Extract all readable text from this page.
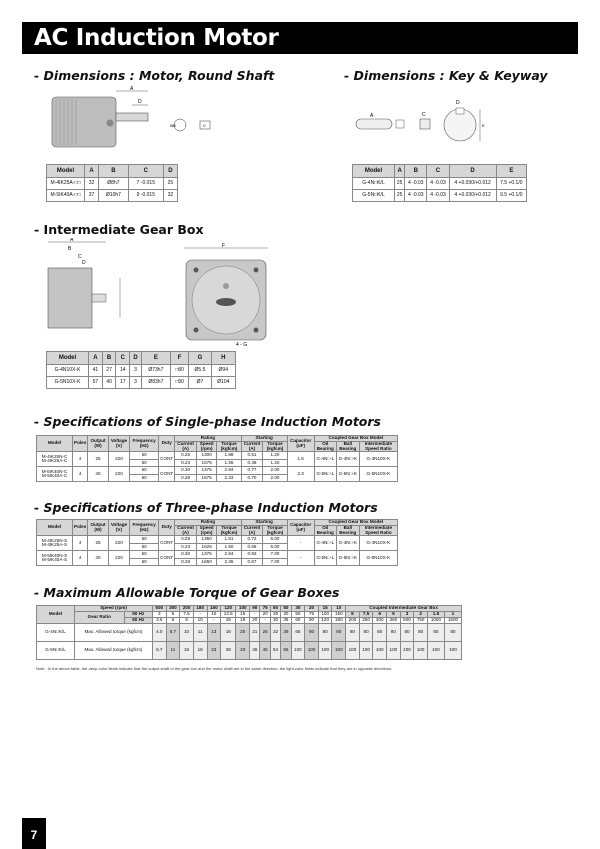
AC Induction Motor
- Dimensions : Motor, Round Shaft	- Dimensions : Key & Keyway
A
D
ØB	C
A	C
D
E
Model	A	B	C	D
M-4IK25A-□□	32	Ø8h7	7 -0.015	25
M-5IK40A-□□	37	Ø10h7	9 -0.015	32
Model	A	B	C	D	E
G-4N□K/L	25	4 -0.03	4 -0.03	4 +0.030/+0.012	7.5 +0.1/0
G-5N□K/L	25	4 -0.03	4 -0.03	4 +0.030/+0.012	9.5 +0.1/0
- Intermediate Gear Box
A
B
C
D
F
4 - G
Model	A	B	C	D	E	F	G	H
G-4N10X-K	41	27	14	3	Ø73h7	□80	Ø5.5	Ø94
G-5N10X-K	57	40	17	3	Ø83h7	□90	Ø7	Ø104
- Specifications of Single-phase Induction Motors
Model	Poles	Output (W)	Voltage (V)	Frequency (Hz)	Duty	Rating			Starting		Capacitor (uF)	Coupled Gear Box Model		
						Current (A)	Speed (rpm)	Torque (kgfcm)	Current (A)	Torque (kgfcm)		Oil Bearing	Ball Bearing	Intermediate Speed Ratio
M-4IK25N-C
M-4IK25A-C	4	25	220	50	CONT	0.25	1300	1.88	0.51	1.20	1.5	G-4N□-L	G-4N□-K	G-4N10X-K
				60		0.23	1575	1.55	0.48	1.20				
M-5IK40N-C
M-5IK40A-C	4	40	220	50	CONT	0.30	1375	2.84	0.77	2.00	2.3	G-5N□-L	G-5N□-K	G-5N10X-K
				60		0.29	1675	2.33	0.70	2.00				
- Specifications of Three-phase Induction Motors
Model	Poles	Output (W)	Voltage (V)	Frequency (Hz)	Duty	Rating			Starting		Capacitor (uF)	Coupled Gear Box Model		
						Current (A)	Speed (rpm)	Torque (kgfcm)	Current (A)	Torque (kgfcm)		Oil Bearing	Ball Bearing	Intermediate Speed Ratio
M-4IK25N-S
M-4IK25A-S	4	25	220	50	CONT	0.29	1350	1.81	0.72	5.00	-	G-4N□-L	G-4N□-K	G-4N10X-K
				60		0.23	1625	1.50	0.68	5.00				
M-5IK40N-S
M-5IK40A-S	4	40	220	50	CONT	0.30	1375	2.84	0.93	7.00	-	G-5N□-L	G-5N□-K	G-5N10X-K
				60		0.28	1650	2.36	0.67	7.00				
- Maximum Allowable Torque of Gear Boxes
Model	Speed (rpm)		500	300	200	180	150	120	100	90	75	60	50	30	20	15	10	Coupled Intermediate Gear Box							
	Gear Ratio	50 Hz	3	5	7.5	-	10	12.5	15	-	20	25	30	50	75	100	150	9	7.5	6	5	3	2	1.5	1
		60 Hz	3.6	6	9	10	-	15	18	20	-	30	36	60	90	120	180	200	250	300	360	500	750	1000	1500
G-4N□K/L	Max. Allowed torque (kgfcm)		4.0	6.7	10	11	13	16	20	21	26	32	39	65	80	80	80	80	80	80	80	80	80	80	80
G-5N□K/L	Max. Allowed torque (kgfcm)		6.7	11	16	18	23	28	33	36	45	54	65	100	100	100	100	100	100	100	100	100	100	100	100
Note : In the above table, the deep-color fields indicate that the output shaft of the gear box and the motor shaft are in the same direction; the light-color fields indicate that they are in opposite directions.
7
